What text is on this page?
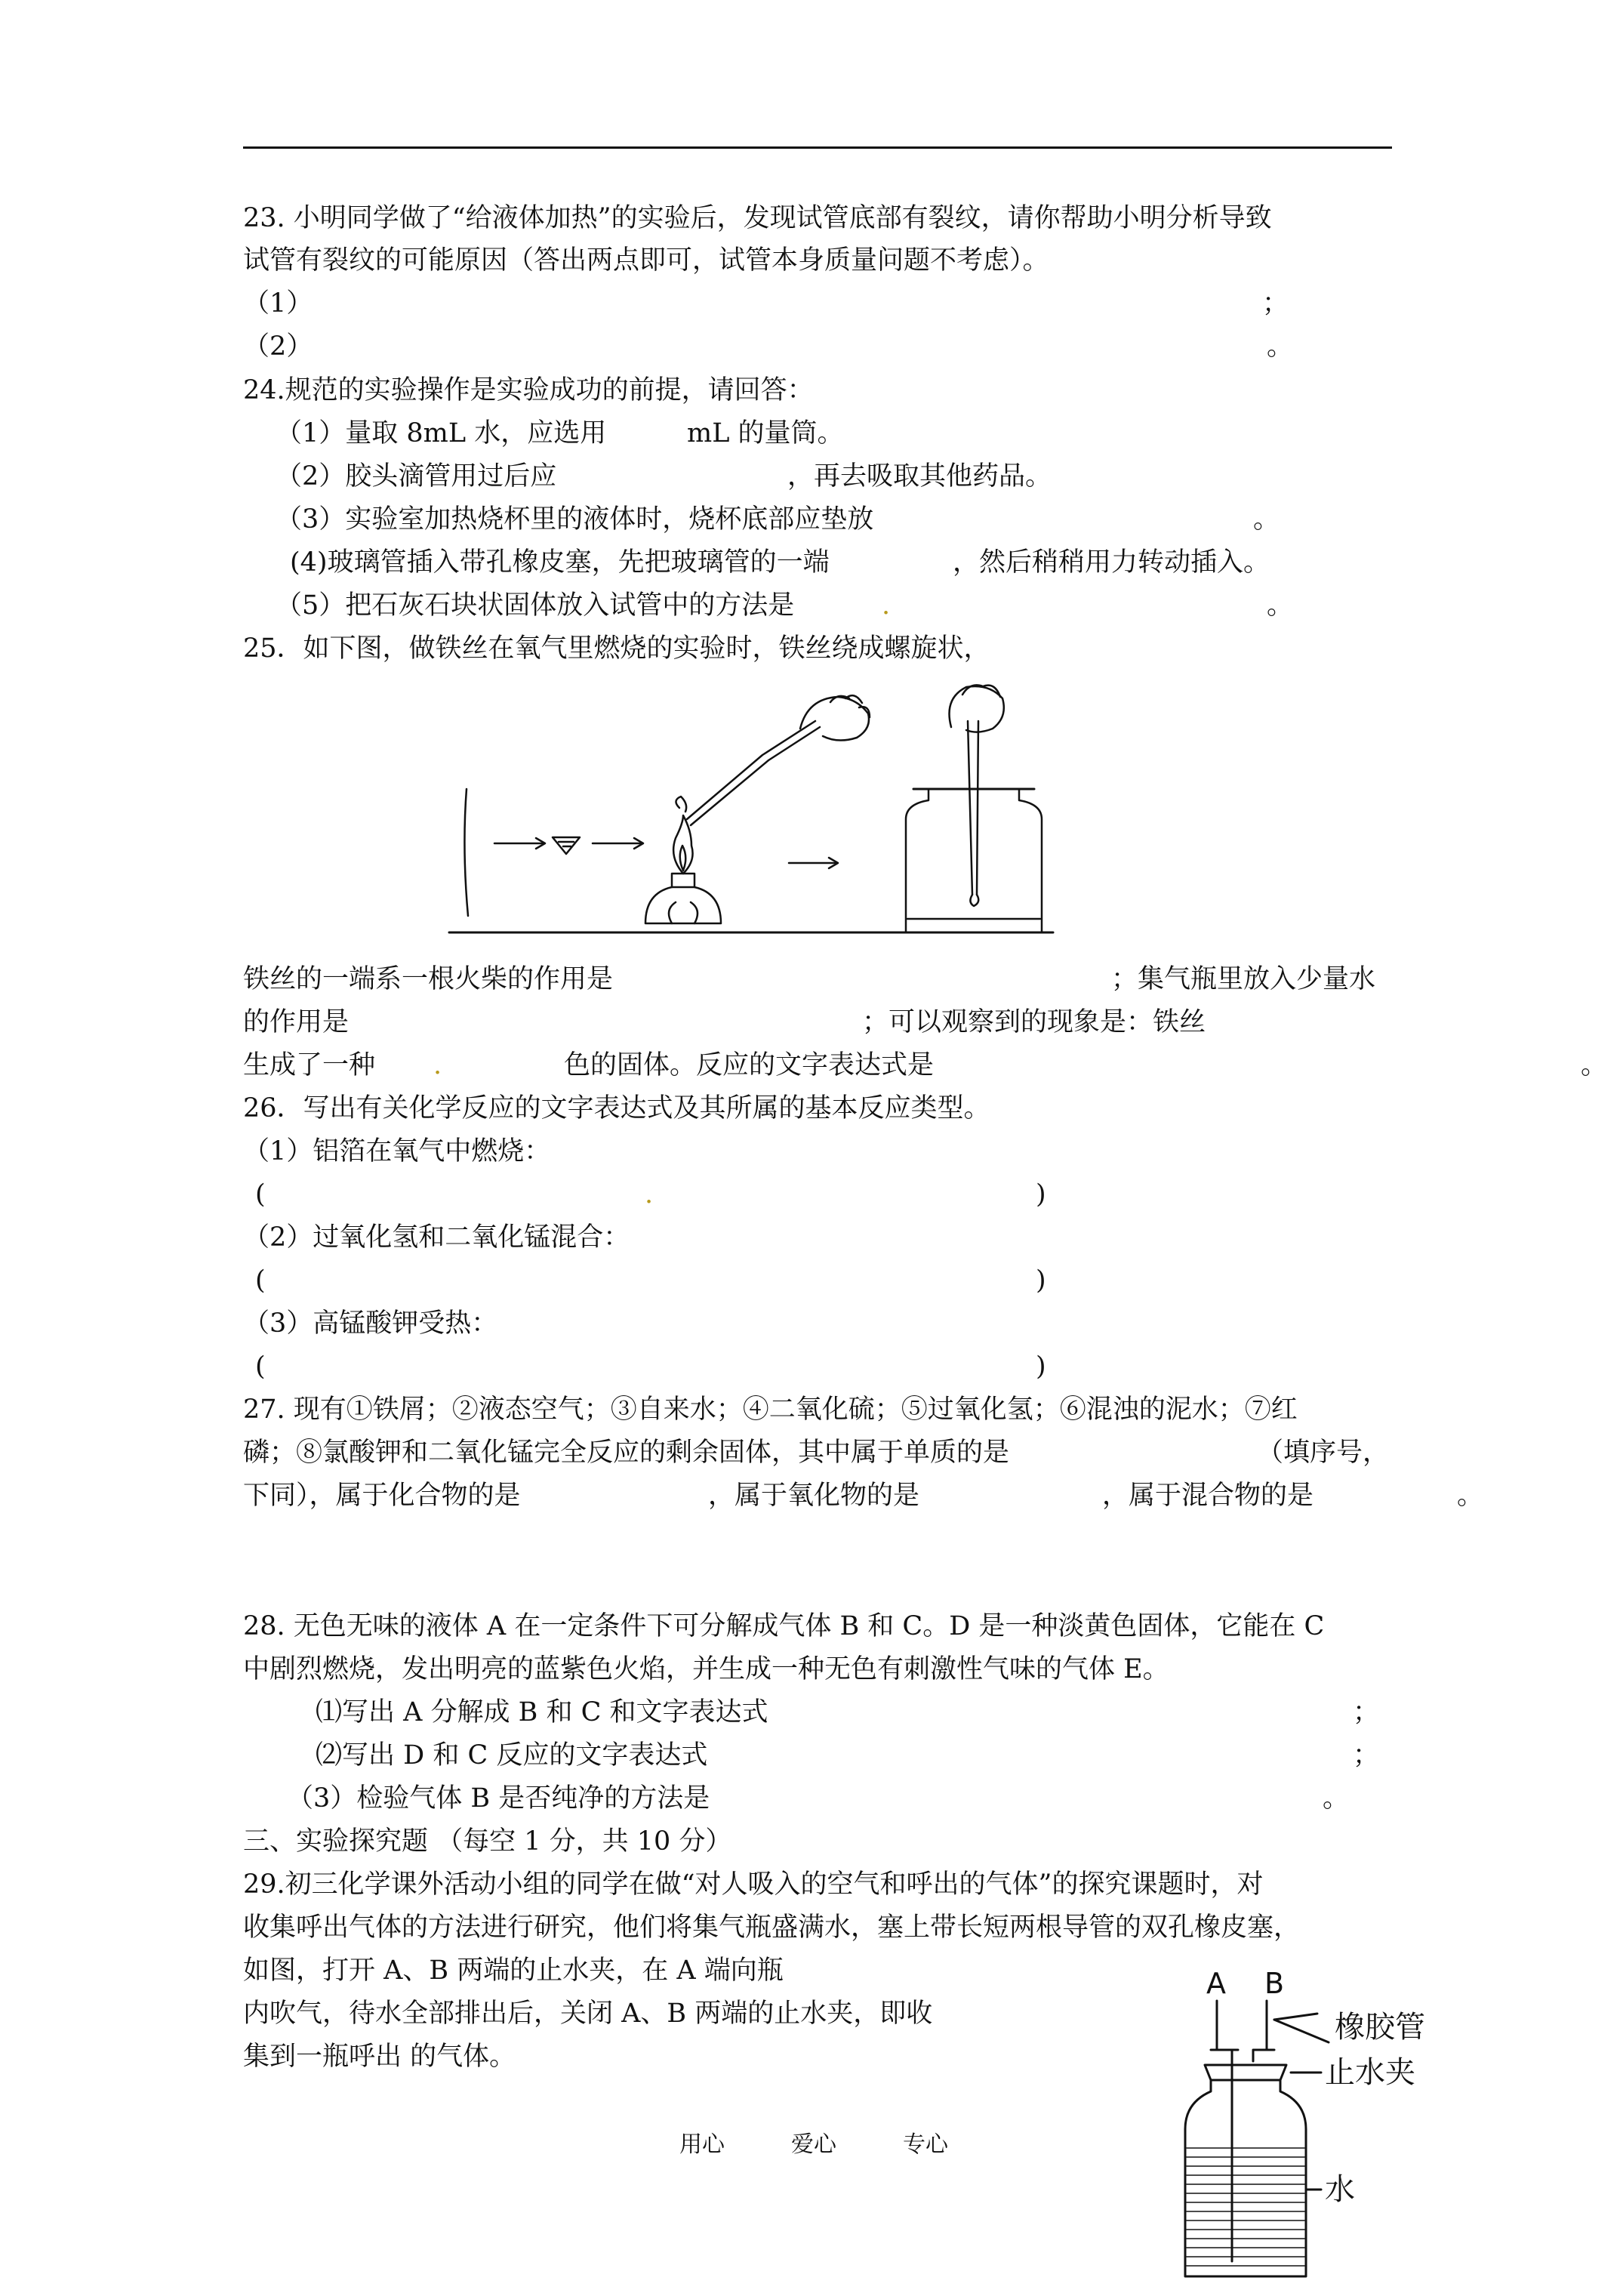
23. 小明同学做了“给液体加热”的实验后，发现试管底部有裂纹，请你帮助小明分析导致
试管有裂纹的可能原因（答出两点即可，试管本身质量问题不考虑）。
（1）	；
（2）	。
24.规范的实验操作是实验成功的前提，请回答：
（1）量取 8mL 水，应选用	mL 的量筒。
（2）胶头滴管用过后应	，再去吸取其他药品。
（3）实验室加热烧杯里的液体时，烧杯底部应垫放	。
(4)玻璃管插入带孔橡皮塞，先把玻璃管的一端	，然后稍稍用力转动插入。
（5）把石灰石块状固体放入试管中的方法是	.	。
25．如下图，做铁丝在氧气里燃烧的实验时，铁丝绕成螺旋状，
铁丝的一端系一根火柴的作用是	；集气瓶里放入少量水
的作用是	；可以观察到的现象是：铁丝
生成了一种 .	色的固体。反应的文字表达式是	。
26．写出有关化学反应的文字表达式及其所属的基本反应类型。
（1）铝箔在氧气中燃烧：
(	.	)
（2）过氧化氢和二氧化锰混合：
(	)
（3）高锰酸钾受热：
(	)
27. 现有①铁屑；②液态空气；③自来水；④二氧化硫；⑤过氧化氢；⑥混浊的泥水；⑦红
磷；⑧氯酸钾和二氧化锰完全反应的剩余固体，其中属于单质的是	（填序号，
下同），属于化合物的是	，属于氧化物的是	，属于混合物的是	。
28. 无色无味的液体 A 在一定条件下可分解成气体 B 和 C。D 是一种淡黄色固体，它能在 C
中剧烈燃烧，发出明亮的蓝紫色火焰，并生成一种无色有刺激性气味的气体 E。
⑴写出 A 分解成 B 和 C 和文字表达式	；
⑵写出 D 和 C 反应的文字表达式	；
（3）检验气体 B 是否纯净的方法是	。
三、实验探究题 （每空 1 分，共 10 分）
29.初三化学课外活动小组的同学在做“对人吸入的空气和呼出的气体”的探究课题时，对
收集呼出气体的方法进行研究，他们将集气瓶盛满水，塞上带长短两根导管的双孔橡皮塞，
如图，打开 A、B 两端的止水夹，在 A 端向瓶
内吹气，待水全部排出后，关闭 A、B 两端的止水夹，即收
集到一瓶呼出 的气体。
A B
橡胶管
止水夹
水
用心	爱心	专心
